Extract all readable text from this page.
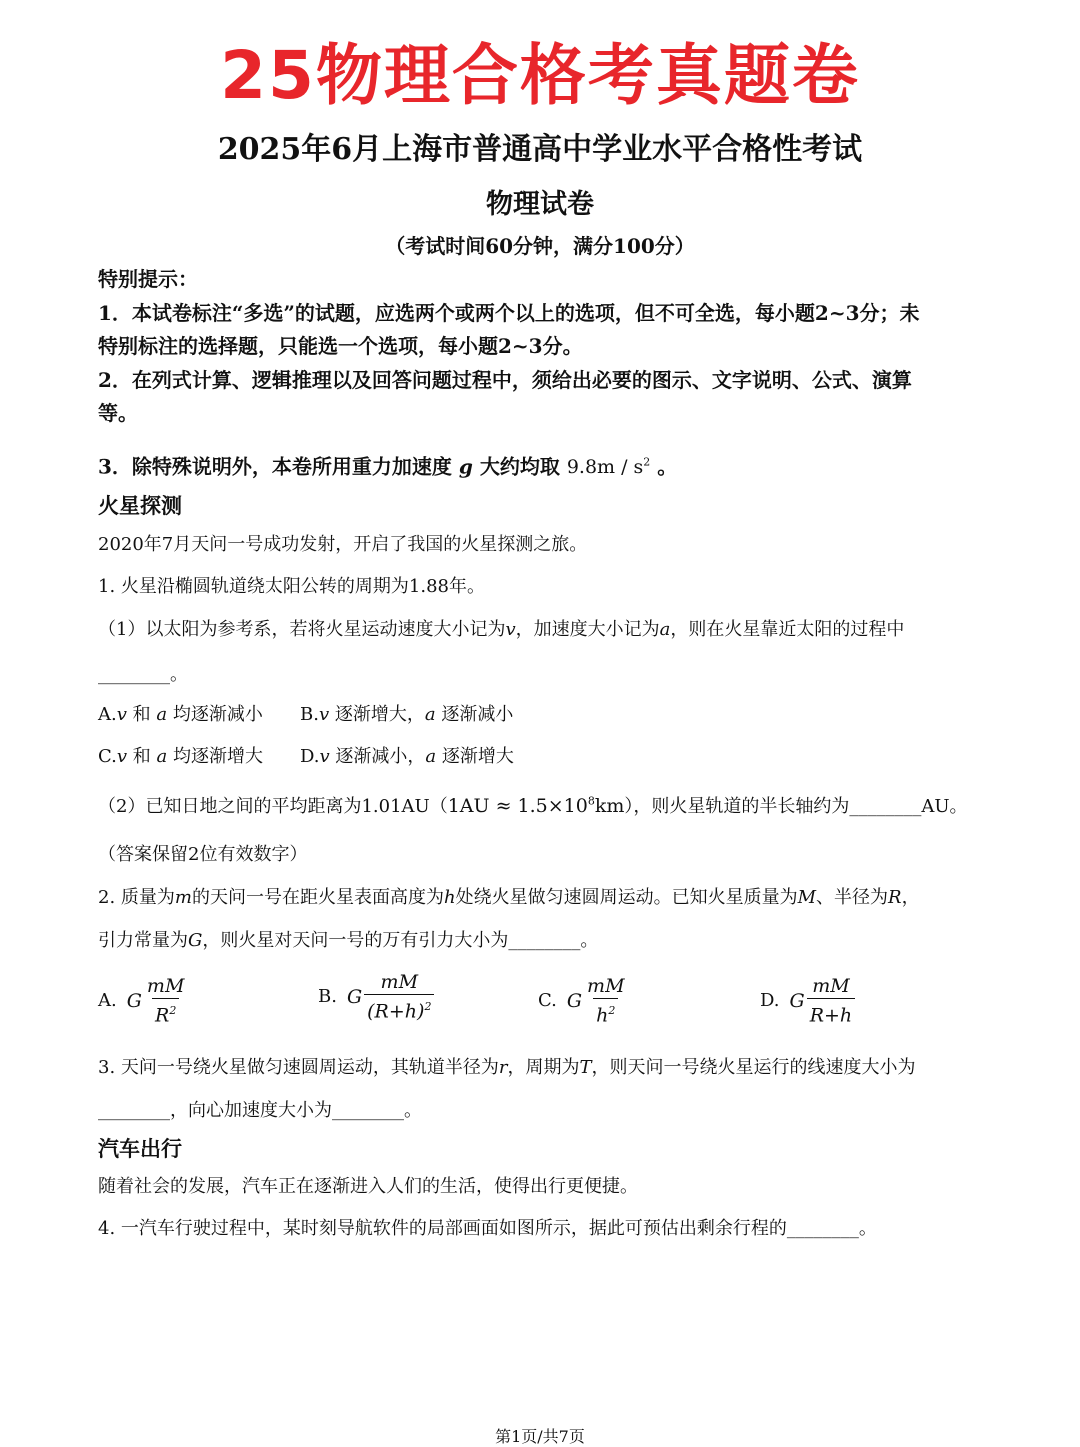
25物理合格考真题卷
2025年6月上海市普通高中学业水平合格性考试
物理试卷
（考试时间60分钟，满分100分）
特别提示：
1．本试卷标注“多选”的试题，应选两个或两个以上的选项，但不可全选，每小题2~3分；未
特别标注的选择题，只能选一个选项，每小题2~3分。
2．在列式计算、逻辑推理以及回答问题过程中，须给出必要的图示、文字说明、公式、演算
等。
3．除特殊说明外，本卷所用重力加速度 g 大约均取 $9.8m / s^2$ 。
火星探测
2020年7月天问一号成功发射，开启了我国的火星探测之旅。
1. 火星沿椭圆轨道绕太阳公转的周期为1.88年。
（1）以太阳为参考系，若将火星运动速度大小记为v，加速度大小记为a，则在火星靠近太阳的过程中
________。
A.v 和 a 均逐渐减小 B.v 逐渐增大，a 逐渐减小
C.v 和 a 均逐渐增大 D.v 逐渐减小，a 逐渐增大
（2）已知日地之间的平均距离为$1.01AU(1AU \approx 1.5\times 10^8km)$，则火星轨道的半长轴约为________AU。
（答案保留2位有效数字）
2. 质量为m的天问一号在距火星表面高度为h处绕火星做匀速圆周运动。已知火星质量为M、半径为R，
引力常量为G，则火星对天问一号的万有引力大小为________。
A. G $\frac{mM}{R^2}$	B. G $\frac{mM}{(R+h)^2}$	C. G $\frac{mM}{h^2}$	D. G $\frac{mM}{R+h}$
3. 天问一号绕火星做匀速圆周运动，其轨道半径为r，周期为T，则天问一号绕火星运行的线速度大小为
________，向心加速度大小为________。
汽车出行
随着社会的发展，汽车正在逐渐进入人们的生活，使得出行更便捷。
4. 一汽车行驶过程中，某时刻导航软件的局部画面如图所示，据此可预估出剩余行程的________。
第1页/共7页
